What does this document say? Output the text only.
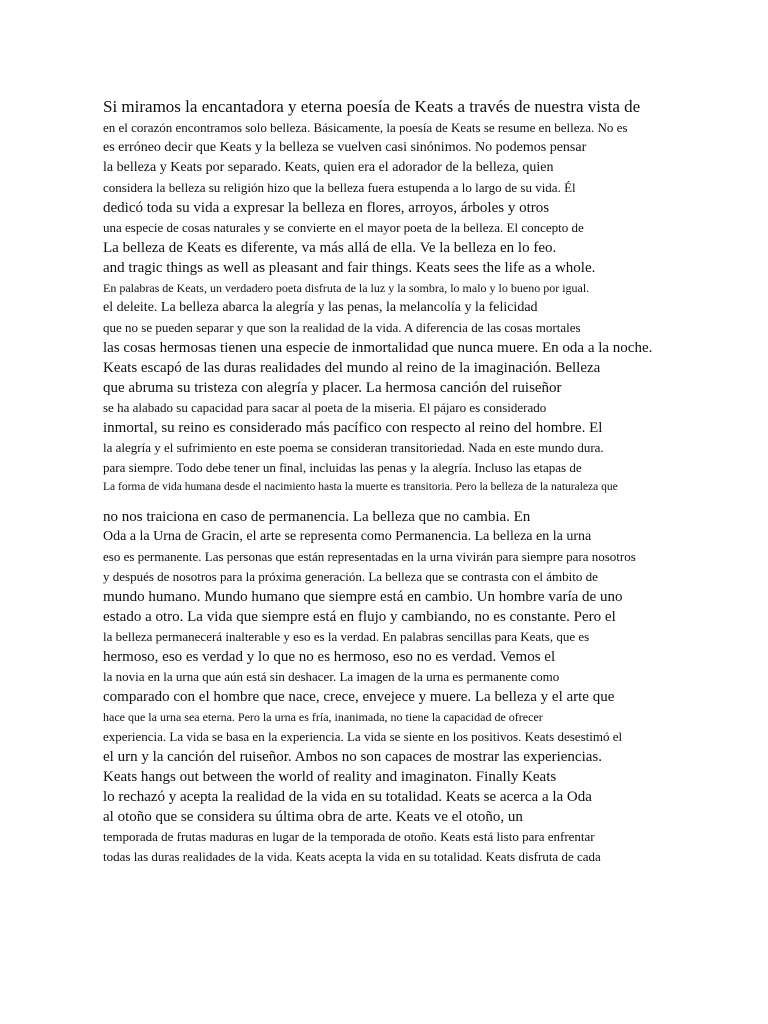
Si miramos la encantadora y eterna poesía de Keats a través de nuestra vista de
en el corazón encontramos solo belleza. Básicamente, la poesía de Keats se resume en belleza. No es
es erróneo decir que Keats y la belleza se vuelven casi sinónimos. No podemos pensar
la belleza y Keats por separado. Keats, quien era el adorador de la belleza, quien
considera la belleza su religión hizo que la belleza fuera estupenda a lo largo de su vida. Él
dedicó toda su vida a expresar la belleza en flores, arroyos, árboles y otros
una especie de cosas naturales y se convierte en el mayor poeta de la belleza. El concepto de
La belleza de Keats es diferente, va más allá de ella. Ve la belleza en lo feo.
and tragic things as well as pleasant and fair things. Keats sees the life as a whole.
En palabras de Keats, un verdadero poeta disfruta de la luz y la sombra, lo malo y lo bueno por igual.
el deleite. La belleza abarca la alegría y las penas, la melancolía y la felicidad
que no se pueden separar y que son la realidad de la vida. A diferencia de las cosas mortales
las cosas hermosas tienen una especie de inmortalidad que nunca muere. En oda a la noche.
Keats escapó de las duras realidades del mundo al reino de la imaginación. Belleza
que abruma su tristeza con alegría y placer. La hermosa canción del ruiseñor
se ha alabado su capacidad para sacar al poeta de la miseria. El pájaro es considerado
inmortal, su reino es considerado más pacífico con respecto al reino del hombre. El
la alegría y el sufrimiento en este poema se consideran transitoriedad. Nada en este mundo dura.
para siempre. Todo debe tener un final, incluidas las penas y la alegría. Incluso las etapas de
La forma de vida humana desde el nacimiento hasta la muerte es transitoria. Pero la belleza de la naturaleza que
no nos traiciona en caso de permanencia. La belleza que no cambia. En
Oda a la Urna de Gracin, el arte se representa como Permanencia. La belleza en la urna
eso es permanente. Las personas que están representadas en la urna vivirán para siempre para nosotros
y después de nosotros para la próxima generación. La belleza que se contrasta con el ámbito de
mundo humano. Mundo humano que siempre está en cambio. Un hombre varía de uno
estado a otro. La vida que siempre está en flujo y cambiando, no es constante. Pero el
la belleza permanecerá inalterable y eso es la verdad. En palabras sencillas para Keats, que es
hermoso, eso es verdad y lo que no es hermoso, eso no es verdad. Vemos el
la novia en la urna que aún está sin deshacer. La imagen de la urna es permanente como
comparado con el hombre que nace, crece, envejece y muere. La belleza y el arte que
hace que la urna sea eterna. Pero la urna es fría, inanimada, no tiene la capacidad de ofrecer
experiencia. La vida se basa en la experiencia. La vida se siente en los positivos. Keats desestimó el
el urn y la canción del ruiseñor. Ambos no son capaces de mostrar las experiencias.
Keats hangs out between the world of reality and imaginaton. Finally Keats
lo rechazó y acepta la realidad de la vida en su totalidad. Keats se acerca a la Oda
al otoño que se considera su última obra de arte. Keats ve el otoño, un
temporada de frutas maduras en lugar de la temporada de otoño. Keats está listo para enfrentar
todas las duras realidades de la vida. Keats acepta la vida en su totalidad. Keats disfruta de cada
